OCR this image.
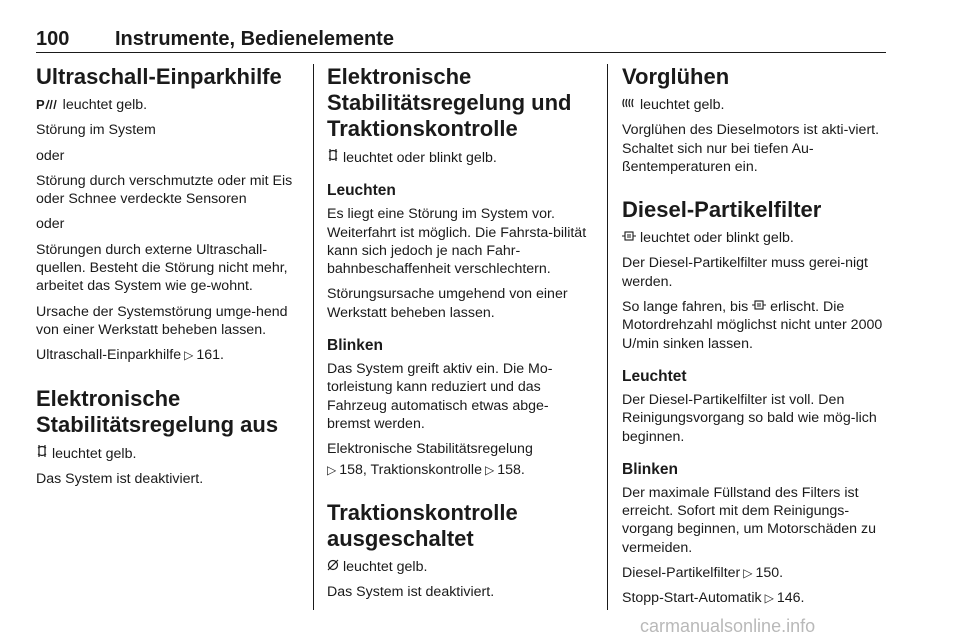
100 Instrumente, Bedienelemente
Ultraschall-Einparkhilfe

P leuchtet gelb.

Störung im System

oder

Störung durch verschmutzte oder mit Eis oder Schnee verdeckte Sensoren

oder

Störungen durch externe Ultraschall-quellen. Besteht die Störung nicht mehr, arbeitet das System wie ge-wohnt.

Ursache der Systemstörung umge-hend von einer Werkstatt beheben lassen.

Ultraschall-Einparkhilfe ▷ 161.

Elektronische Stabilitätsregelung aus

leuchtet gelb.

Das System ist deaktiviert.

Elektronische Stabilitätsregelung und Traktionskontrolle

leuchtet oder blinkt gelb.

Leuchten

Es liegt eine Störung im System vor. Weiterfahrt ist möglich. Die Fahrsta-bilität kann sich jedoch je nach Fahr-bahnbeschaffenheit verschlechtern.

Störungsursache umgehend von einer Werkstatt beheben lassen.

Blinken

Das System greift aktiv ein. Die Mo-torleistung kann reduziert und das Fahrzeug automatisch etwas abge-bremst werden.

Elektronische Stabilitätsregelung

▷ 158, Traktionskontrolle ▷ 158.

Traktionskontrolle ausgeschaltet

leuchtet gelb.

Das System ist deaktiviert.

Vorglühen

leuchtet gelb.

Vorglühen des Dieselmotors ist akti-viert. Schaltet sich nur bei tiefen Au-ßentemperaturen ein.

Diesel-Partikelfilter

leuchtet oder blinkt gelb.

Der Diesel-Partikelfilter muss gerei-nigt werden.

So lange fahren, bis erlischt. Die Motordrehzahl möglichst nicht unter 2000 U/min sinken lassen.

Leuchtet

Der Diesel-Partikelfilter ist voll. Den Reinigungsvorgang so bald wie mög-lich beginnen.

Blinken

Der maximale Füllstand des Filters ist erreicht. Sofort mit dem Reinigungs-vorgang beginnen, um Motorschäden zu vermeiden.

Diesel-Partikelfilter ▷ 150.

Stopp-Start-Automatik ▷ 146.

carmanualsonline.info
